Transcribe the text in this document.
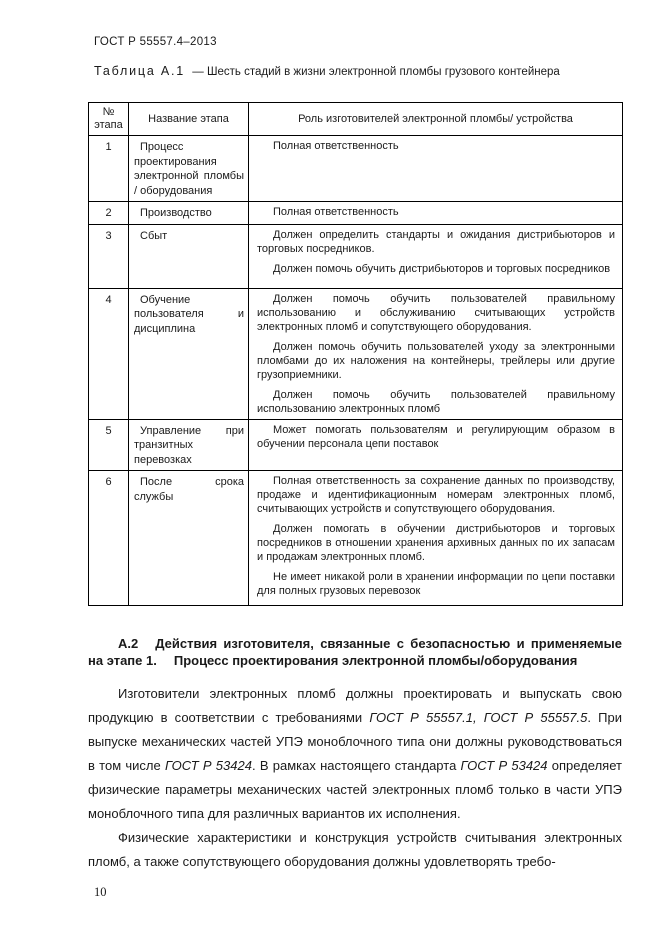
ГОСТ Р 55557.4–2013
Таблица А.1 — Шесть стадий в жизни электронной пломбы грузового контейнера
№ этапа	Название этапа	Роль изготовителей электронной пломбы/ устройства
1	Процесс проектирования электронной пломбы / оборудования	Полная ответственность

2	Производство	Полная ответственность

3	Сбыт	Должен определить стандарты и ожидания дистрибьюторов и торговых посредников.

Должен помочь обучить дистрибьюторов и торговых посредников

4	Обучение пользователя и дисциплина	Должен помочь обучить пользователей правильному использованию и обслуживанию считывающих устройств электронных пломб и сопутствующего оборудования.

Должен помочь обучить пользователей уходу за электронными пломбами до их наложения на контейнеры, трейлеры или другие грузоприемники.

Должен помочь обучить пользователей правильному использованию электронных пломб

5	Управление при транзитных перевозках	Может помогать пользователям и регулирующим образом в обучении персонала цепи поставок

6	После срока службы	Полная ответственность за сохранение данных по производству, продаже и идентификационным номерам электронных пломб, считывающих устройств и сопутствующего оборудования.

Должен помогать в обучении дистрибьюторов и торговых посредников в отношении хранения архивных данных по их запасам и продажам электронных пломб.

Не имеет никакой роли в хранении информации по цепи поставки для полных грузовых перевозок

А.2 Действия изготовителя, связанные с безопасностью и применяемые на этапе 1. Процесс проектирования электронной пломбы/оборудования

Изготовители электронных пломб должны проектировать и выпускать свою продукцию в соответствии с требованиями ГОСТ Р 55557.1, ГОСТ Р 55557.5. При выпуске механических частей УПЭ моноблочного типа они должны руководствоваться в том числе ГОСТ Р 53424. В рамках настоящего стандарта ГОСТ Р 53424 определяет физические параметры механических частей электронных пломб только в части УПЭ моноблочного типа для различных вариантов их исполнения.

Физические характеристики и конструкция устройств считывания электронных пломб, а также сопутствующего оборудования должны удовлетворять требо-

10
